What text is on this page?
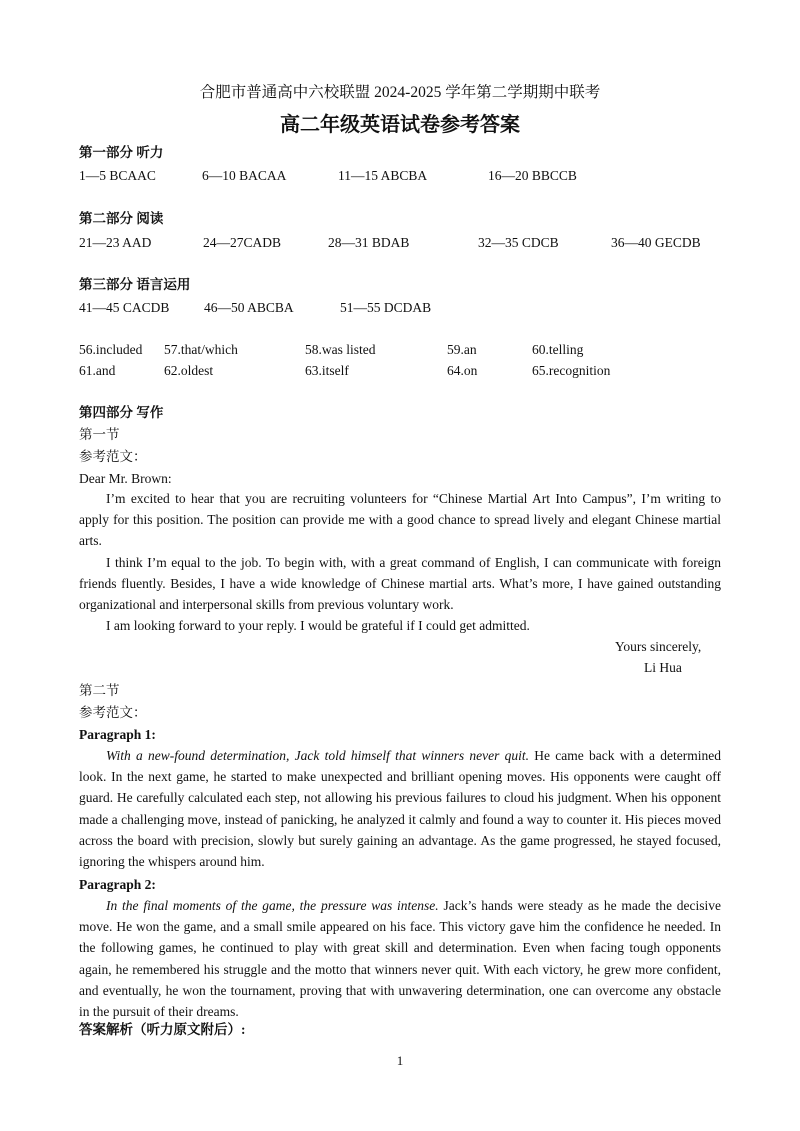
合肥市普通高中六校联盟 2024-2025 学年第二学期期中联考
高二年级英语试卷参考答案
第一部分 听力
1—5 BCAAC	6—10 BACAA	11—15 ABCBA	16—20 BBCCB
第二部分 阅读
21—23 AAD	24—27CADB	28—31 BDAB	32—35 CDCB	36—40 GECDB
第三部分 语言运用
41—45 CACDB	46—50 ABCBA	51—55 DCDAB
56.included 57.that/which	58.was listed	59.an	60.telling
61.and	62.oldest	63.itself	64.on	65.recognition
第四部分 写作
第一节
参考范文：
Dear Mr. Brown:
I’m excited to hear that you are recruiting volunteers for “Chinese Martial Art Into Campus”, I’m writing to apply for this position. The position can provide me with a good chance to spread lively and elegant Chinese martial arts.
I think I’m equal to the job. To begin with, with a great command of English, I can communicate with foreign friends fluently. Besides, I have a wide knowledge of Chinese martial arts. What’s more, I have gained outstanding organizational and interpersonal skills from previous voluntary work.
I am looking forward to your reply. I would be grateful if I could get admitted.
Yours sincerely,
Li Hua
第二节
参考范文：
Paragraph 1:
With a new-found determination, Jack told himself that winners never quit. He came back with a determined look. In the next game, he started to make unexpected and brilliant opening moves. His opponents were caught off guard. He carefully calculated each step, not allowing his previous failures to cloud his judgment. When his opponent made a challenging move, instead of panicking, he analyzed it calmly and found a way to counter it. His pieces moved across the board with precision, slowly but surely gaining an advantage. As the game progressed, he stayed focused, ignoring the whispers around him.
Paragraph 2:
In the final moments of the game, the pressure was intense. Jack’s hands were steady as he made the decisive move. He won the game, and a small smile appeared on his face. This victory gave him the confidence he needed. In the following games, he continued to play with great skill and determination. Even when facing tough opponents again, he remembered his struggle and the motto that winners never quit. With each victory, he grew more confident, and eventually, he won the tournament, proving that with unwavering determination, one can overcome any obstacle in the pursuit of their dreams.
答案解析（听力原文附后）:
1
